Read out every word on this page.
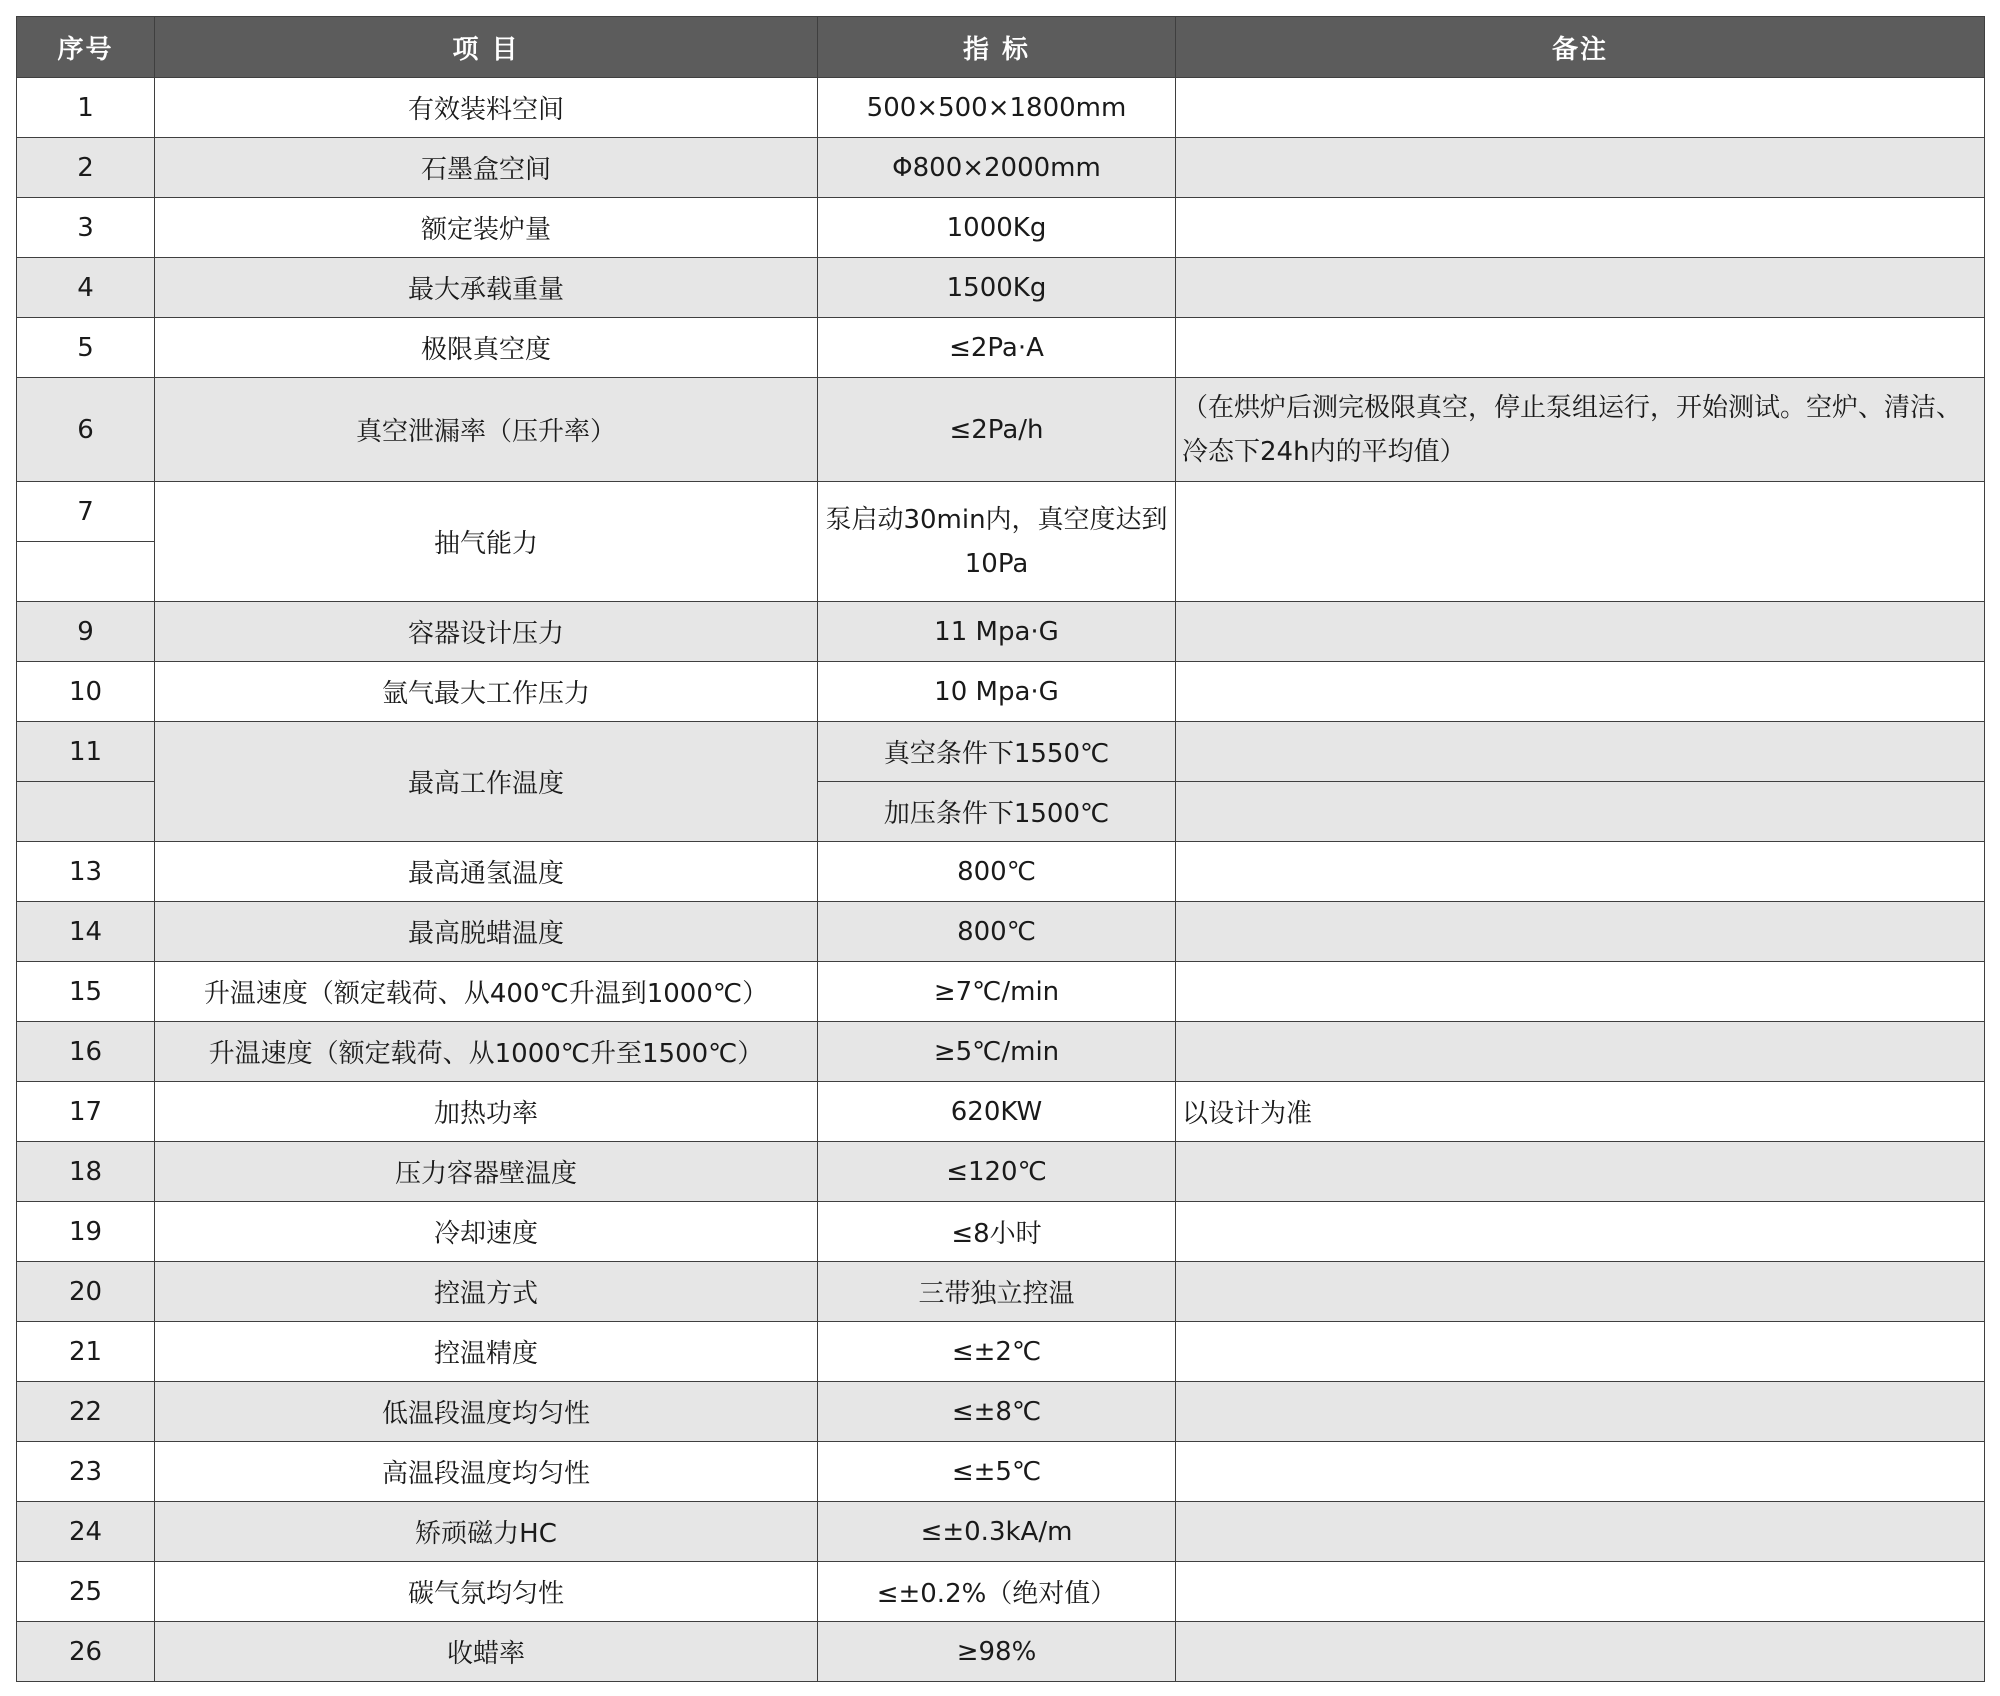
序号	项 目	指 标	备注
1	有效装料空间	500×500×1800mm	
2	石墨盒空间	Φ800×2000mm	
3	额定装炉量	1000Kg	
4	最大承载重量	1500Kg	
5	极限真空度	≤2Pa·A	
6	真空泄漏率（压升率）	≤2Pa/h	（在烘炉后测完极限真空，停止泵组运行，开始测试。空炉、清洁、冷态下24h内的平均值）
7	抽气能力	泵启动30min内，真空度达到10Pa	

9	容器设计压力	11 Mpa·G	
10	氩气最大工作压力	10 Mpa·G	
11	最高工作温度	真空条件下1550℃	
		加压条件下1500℃	
13	最高通氢温度	800℃	
14	最高脱蜡温度	800℃	
15	升温速度（额定载荷、从400℃升温到1000℃）	≥7℃/min	
16	升温速度（额定载荷、从1000℃升至1500℃）	≥5℃/min	
17	加热功率	620KW	以设计为准
18	压力容器壁温度	≤120℃	
19	冷却速度	≤8小时	
20	控温方式	三带独立控温	
21	控温精度	≤±2℃	
22	低温段温度均匀性	≤±8℃	
23	高温段温度均匀性	≤±5℃	
24	矫顽磁力HC	≤±0.3kA/m	
25	碳气氛均匀性	≤±0.2%（绝对值）	
26	收蜡率	≥98%	
